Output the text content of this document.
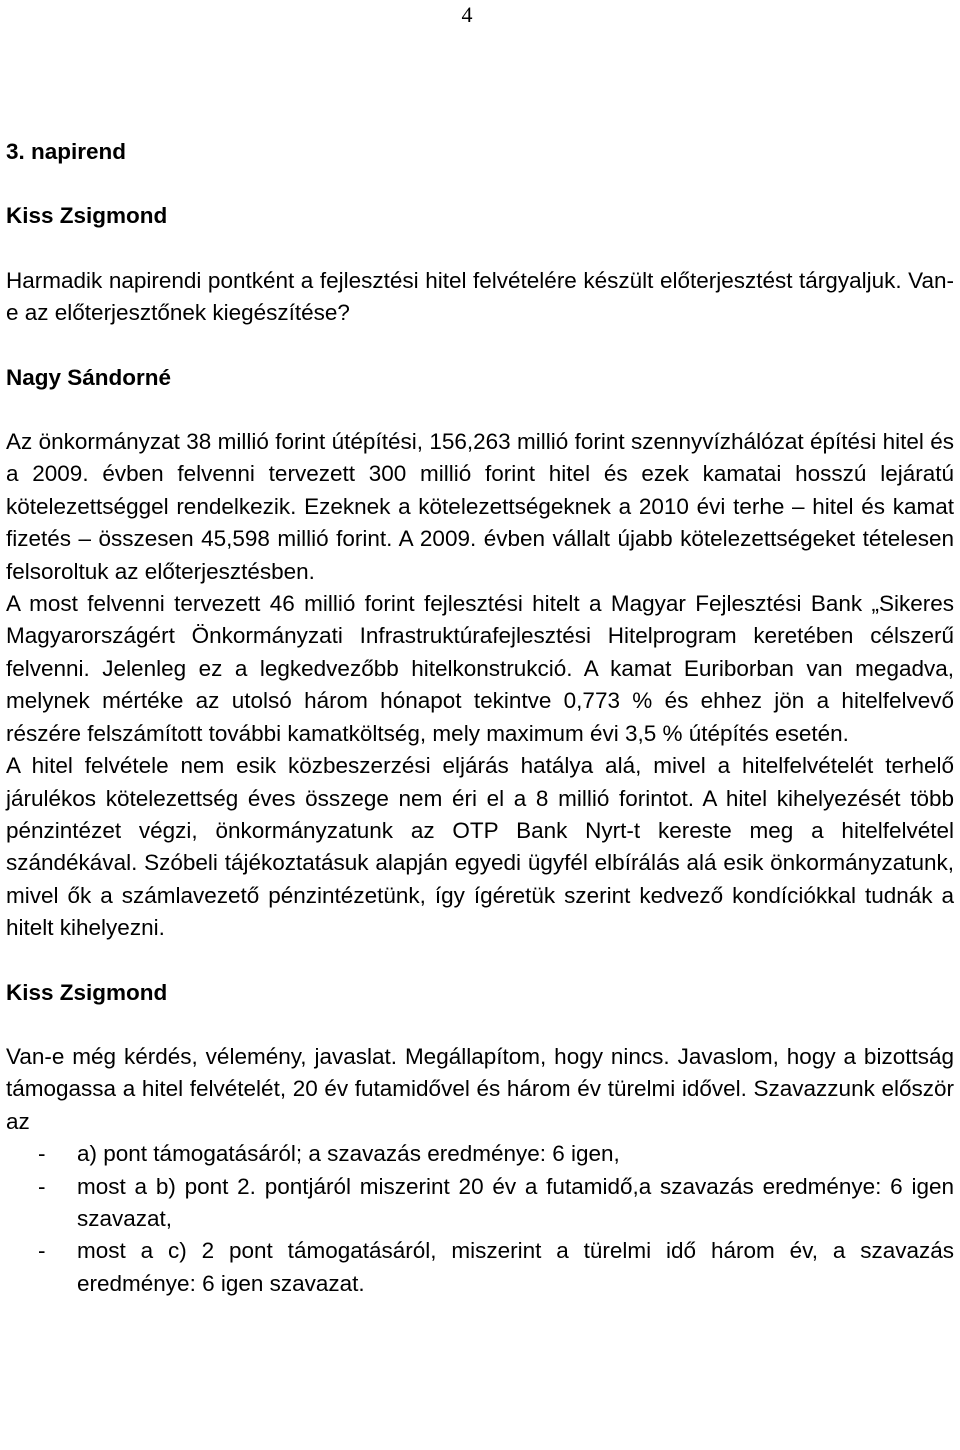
4

3. napirend

Kiss Zsigmond

Harmadik napirendi pontként a fejlesztési hitel felvételére készült előterjesztést tárgyaljuk. Van-e az előterjesztőnek kiegészítése?

Nagy Sándorné

Az önkormányzat 38 millió forint útépítési, 156,263 millió forint szennyvízhálózat építési hitel és a 2009. évben felvenni tervezett 300 millió forint hitel és ezek kamatai hosszú lejáratú kötelezettséggel rendelkezik. Ezeknek a kötelezettségeknek a 2010 évi terhe – hitel és kamat fizetés – összesen 45,598 millió forint. A 2009. évben vállalt újabb kötelezettségeket tételesen felsoroltuk az előterjesztésben.

A most felvenni tervezett 46 millió forint fejlesztési hitelt a Magyar Fejlesztési Bank „Sikeres Magyarországért Önkormányzati Infrastruktúrafejlesztési Hitelprogram keretében célszerű felvenni. Jelenleg ez a legkedvezőbb hitelkonstrukció. A kamat Euriborban van megadva, melynek mértéke az utolsó három hónapot tekintve 0,773 % és ehhez jön a hitelfelvevő részére felszámított további kamatköltség, mely maximum évi 3,5 % útépítés esetén.

A hitel felvétele nem esik közbeszerzési eljárás hatálya alá, mivel a hitelfelvételét terhelő járulékos kötelezettség éves összege nem éri el a 8 millió forintot. A hitel kihelyezését több pénzintézet végzi, önkormányzatunk az OTP Bank Nyrt-t kereste meg a hitelfelvétel szándékával. Szóbeli tájékoztatásuk alapján egyedi ügyfél elbírálás alá esik önkormányzatunk, mivel ők a számlavezető pénzintézetünk, így ígéretük szerint kedvező kondíciókkal tudnák a hitelt kihelyezni.

Kiss Zsigmond

Van-e még kérdés, vélemény, javaslat. Megállapítom, hogy nincs. Javaslom, hogy a bizottság támogassa a hitel felvételét, 20 év futamidővel és három év türelmi idővel. Szavazzunk először az

- a) pont támogatásáról; a szavazás eredménye: 6 igen,
- most a b) pont 2. pontjáról miszerint 20 év a futamidő,a szavazás eredménye: 6 igen szavazat,
- most a c) 2 pont támogatásáról, miszerint a türelmi idő három év, a szavazás eredménye: 6 igen szavazat.
